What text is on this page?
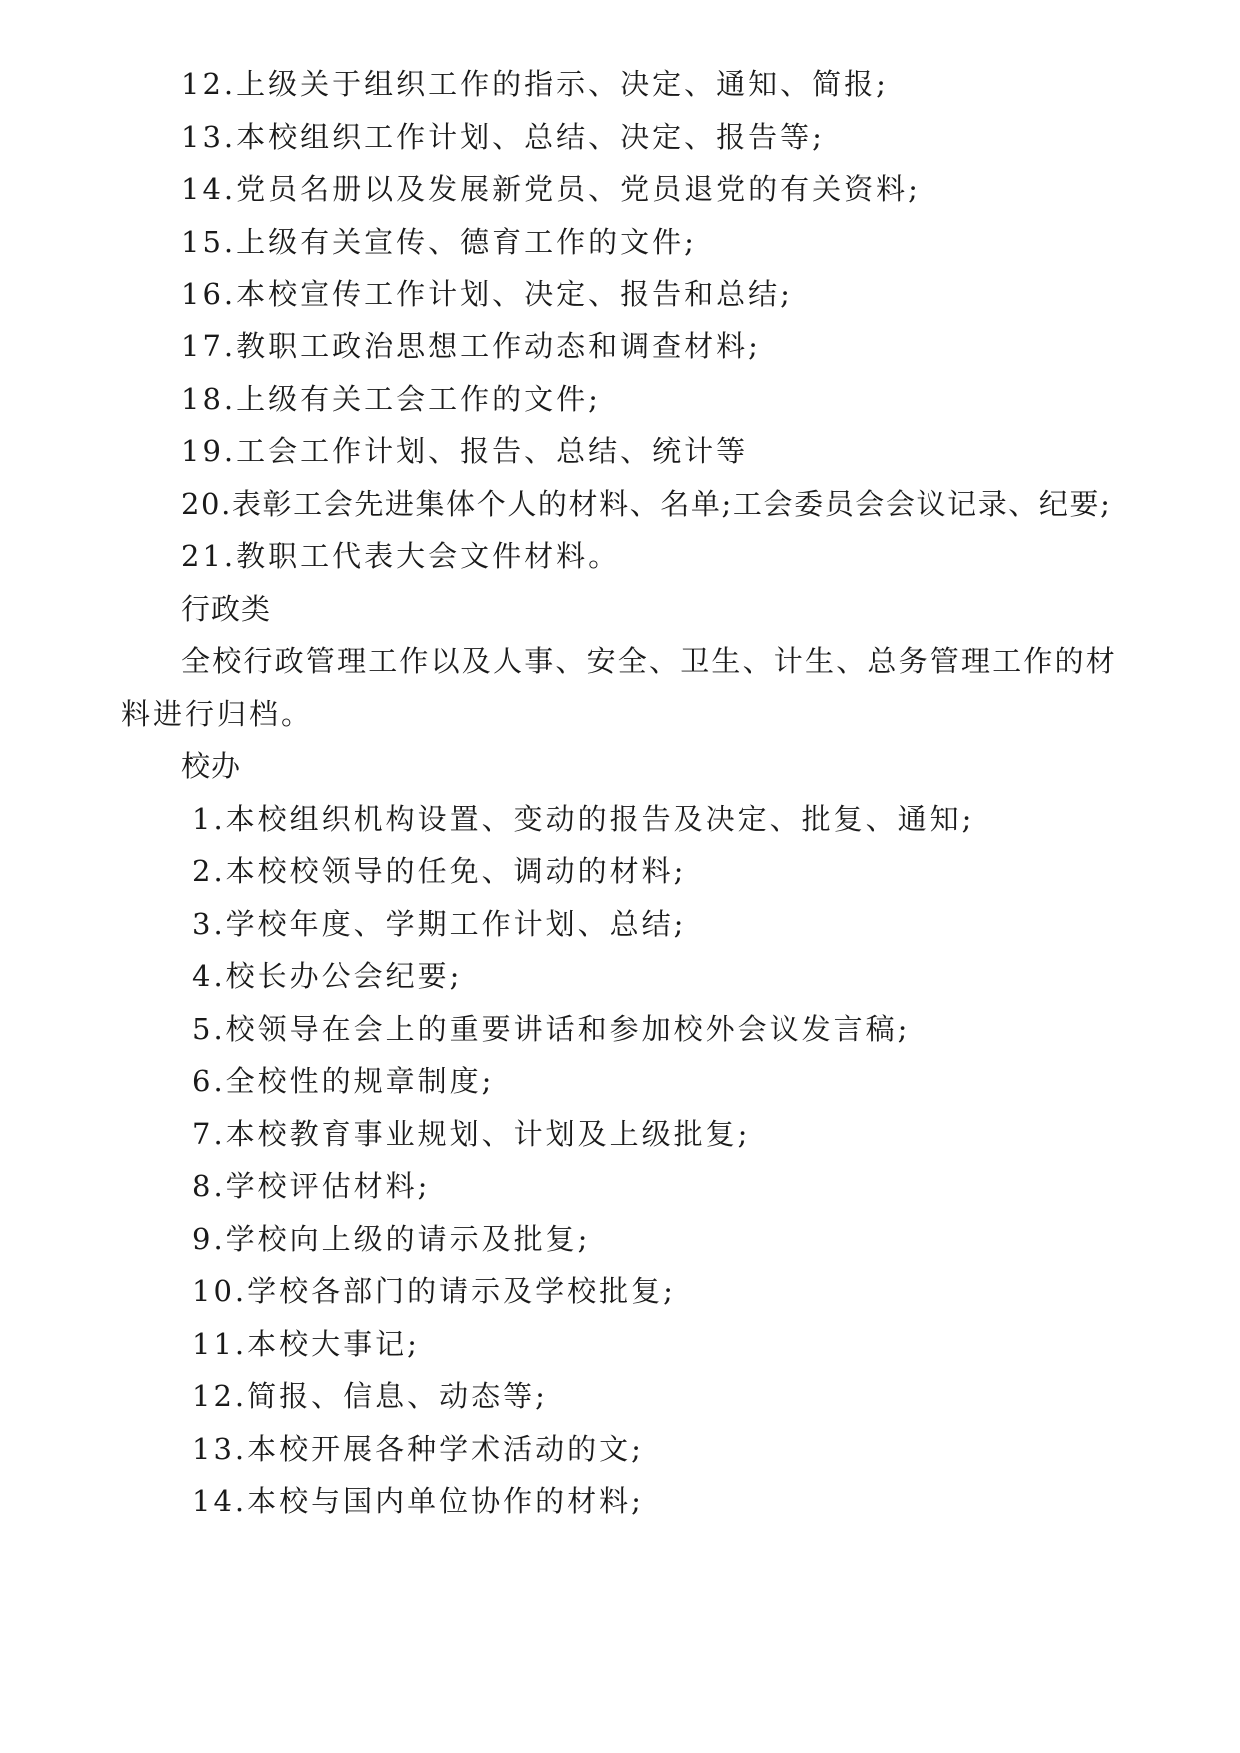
12.上级关于组织工作的指示、决定、通知、简报;
13.本校组织工作计划、总结、决定、报告等;
14.党员名册以及发展新党员、党员退党的有关资料;
15.上级有关宣传、德育工作的文件;
16.本校宣传工作计划、决定、报告和总结;
17.教职工政治思想工作动态和调查材料;
18.上级有关工会工作的文件;
19.工会工作计划、报告、总结、统计等
20.表彰工会先进集体个人的材料、名单;工会委员会会议记录、纪要;
21.教职工代表大会文件材料。
行政类
全校行政管理工作以及人事、安全、卫生、计生、总务管理工作的材
料进行归档。
校办
1.本校组织机构设置、变动的报告及决定、批复、通知;
2.本校校领导的任免、调动的材料;
3.学校年度、学期工作计划、总结;
4.校长办公会纪要;
5.校领导在会上的重要讲话和参加校外会议发言稿;
6.全校性的规章制度;
7.本校教育事业规划、计划及上级批复;
8.学校评估材料;
9.学校向上级的请示及批复;
10.学校各部门的请示及学校批复;
11.本校大事记;
12.简报、信息、动态等;
13.本校开展各种学术活动的文;
14.本校与国内单位协作的材料;
